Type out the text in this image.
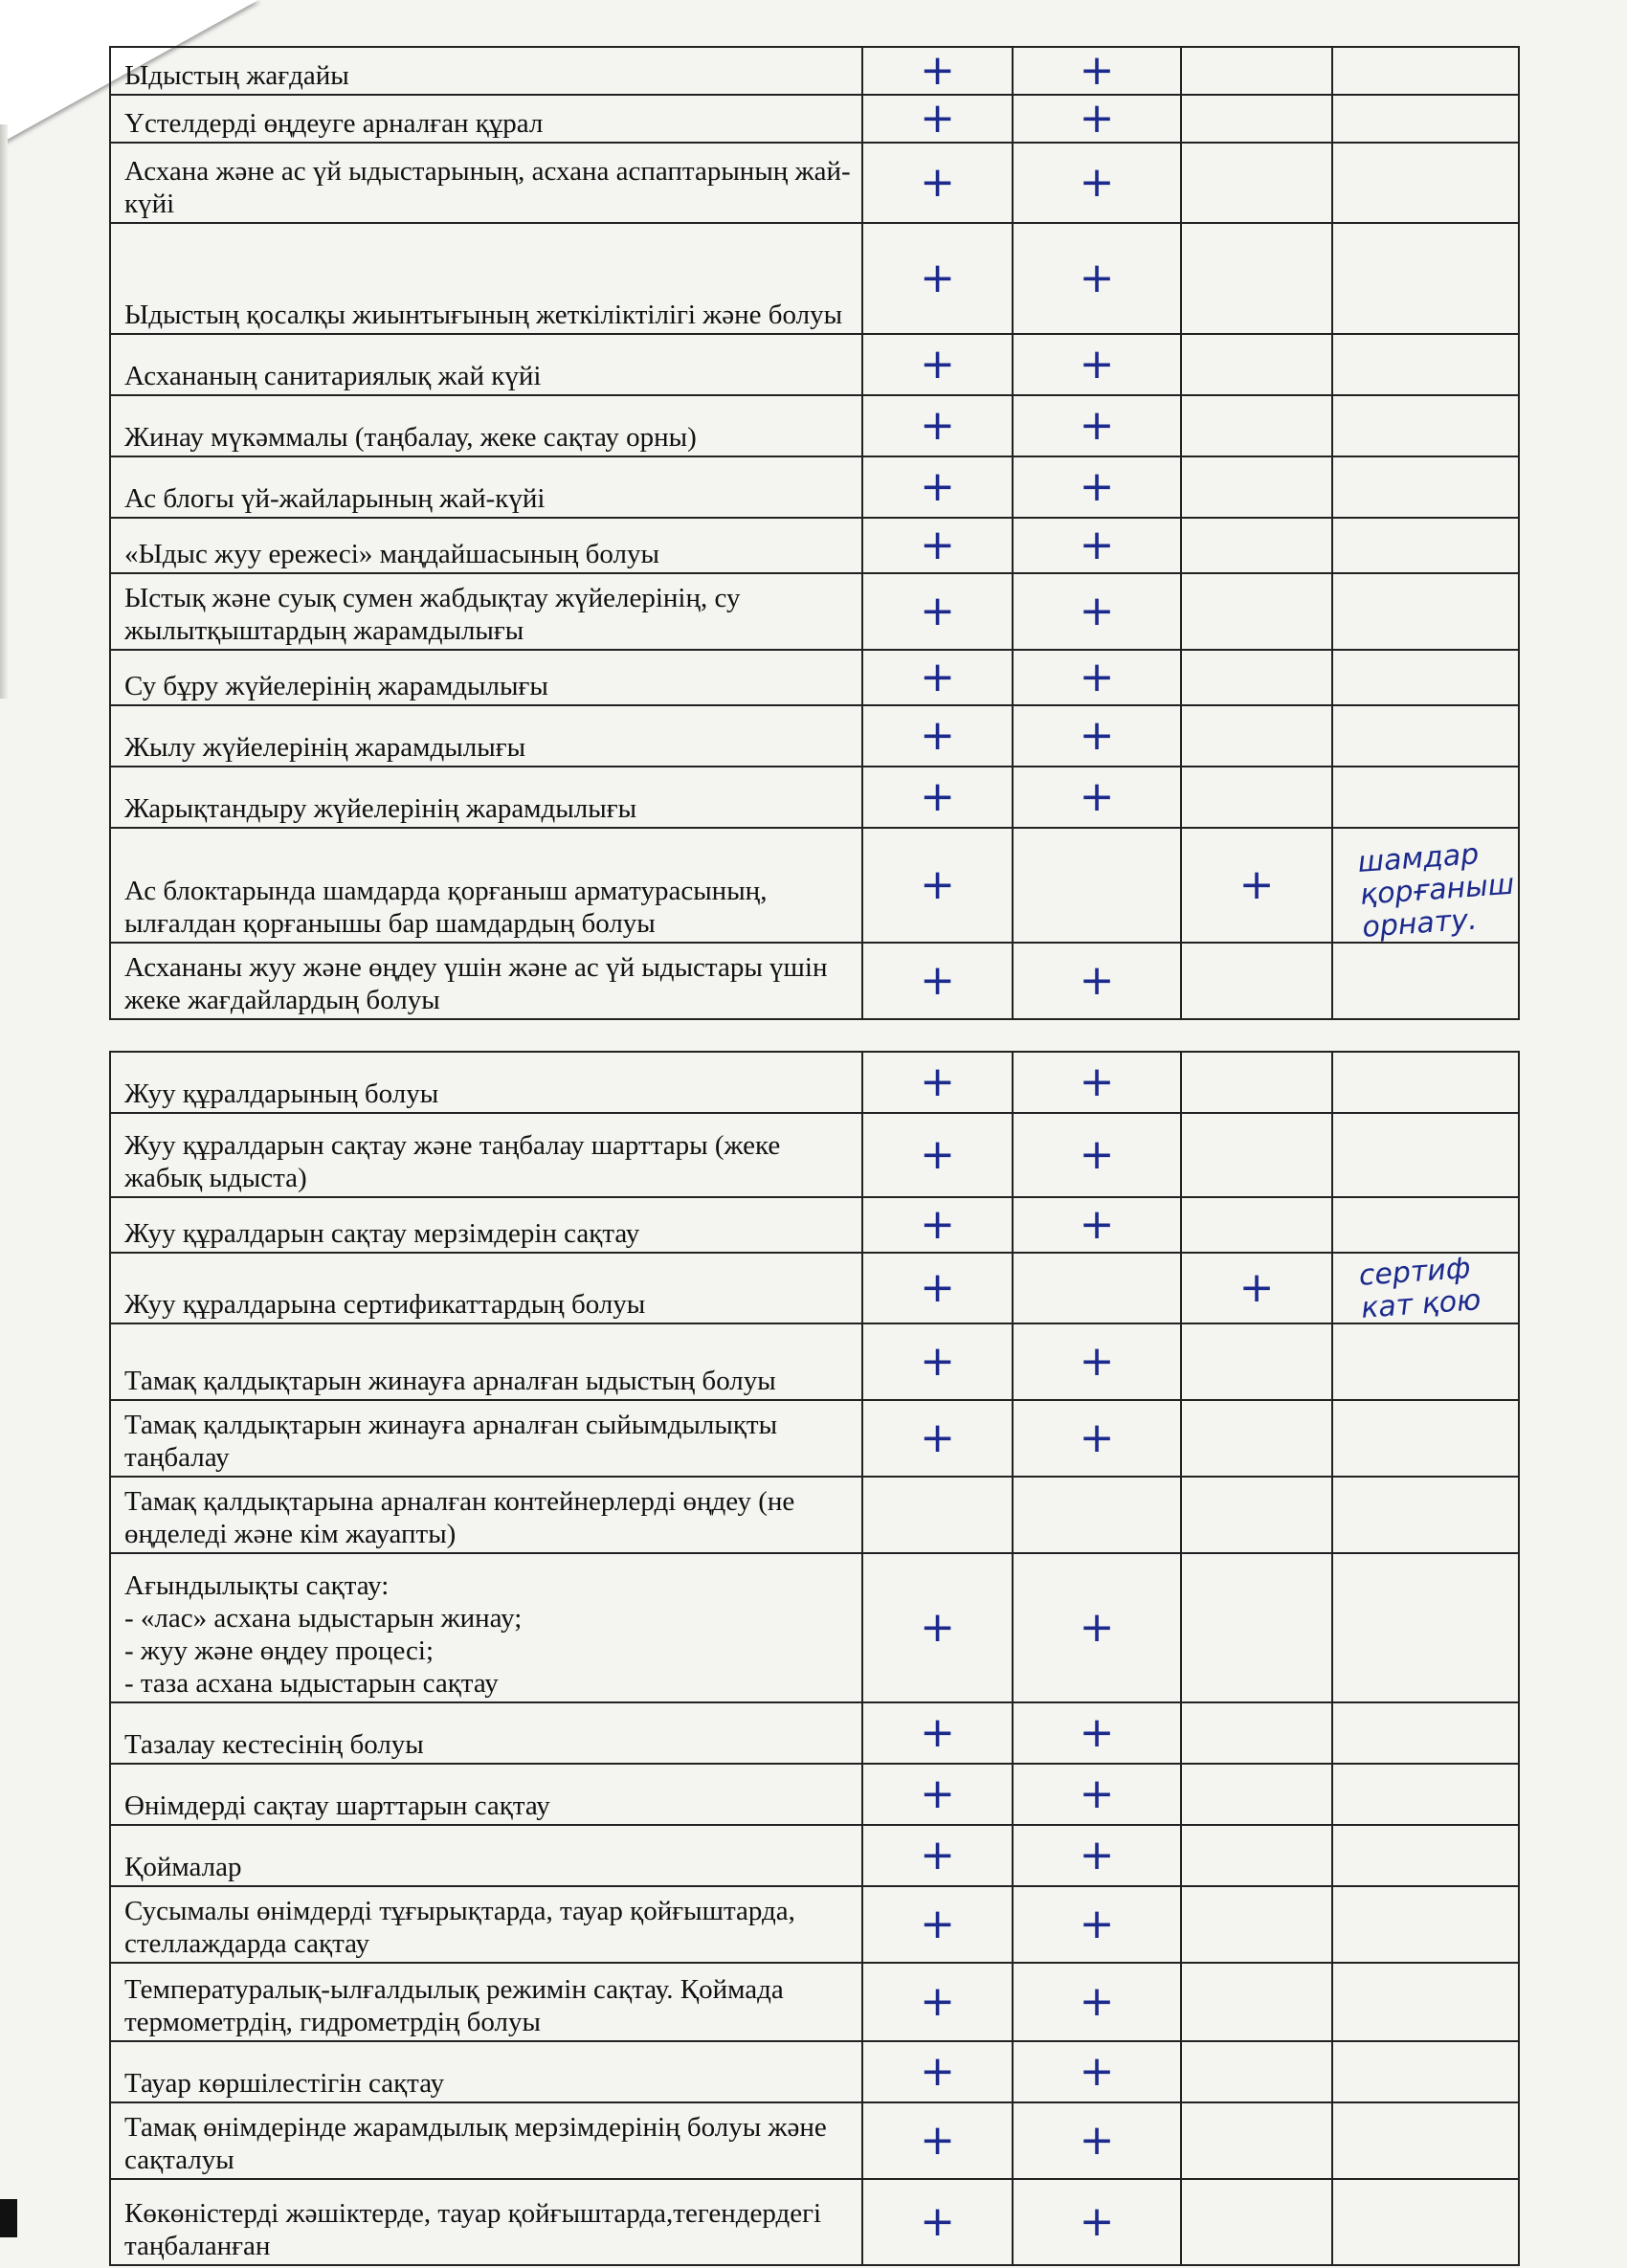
Ыдыстың жағдайы	+	+		

Үстелдерді өңдеуге арналған құрал	+	+		

Асхана және ас үй ыдыстарының, асхана аспаптарының жай-күйі	+	+		

Ыдыстың қосалқы жиынтығының жеткіліктілігі және болуы	+	+		

Асхананың санитариялық жай күйі	+	+		

Жинау мүкәммалы (таңбалау, жеке сақтау орны)	+	+		

Ас блогы үй-жайларының жай-күйі	+	+		

«Ыдыс жуу ережесі» маңдайшасының болуы	+	+		

Ыстық және суық сумен жабдықтау жүйелерінің, су жылытқыштардың жарамдылығы	+	+		

Су бұру жүйелерінің жарамдылығы	+	+		

Жылу жүйелерінің жарамдылығы	+	+		

Жарықтандыру жүйелерінің жарамдылығы	+	+		

Ас блоктарында шамдарда қорғаныш арматурасының, ылғалдан қорғанышы бар шамдардың болуы	+		+	шамдар
қорғаныш
орнату.

Асхананы жуу және өңдеу үшін және ас үй ыдыстары үшін жеке жағдайлардың болуы	+	+		
Жуу құралдарының болуы	+	+		

Жуу құралдарын сақтау және таңбалау шарттары (жеке жабық ыдыста)	+	+		

Жуу құралдарын сақтау мерзімдерін сақтау	+	+		

Жуу құралдарына сертификаттардың болуы	+		+	сертиф
кат қою

Тамақ қалдықтарын жинауға арналған ыдыстың болуы	+	+		

Тамақ қалдықтарын жинауға арналған сыйымдылықты таңбалау	+	+		

Тамақ қалдықтарына арналған контейнерлерді өңдеу (не өңделеді және кім жауапты)				

Ағындылықты сақтау:
- «лас» асхана ыдыстарын жинау;
- жуу және өңдеу процесі;
- таза асхана ыдыстарын сақтау	+	+		

Тазалау кестесінің болуы	+	+		

Өнімдерді сақтау шарттарын сақтау	+	+		

Қоймалар	+	+		

Сусымалы өнімдерді тұғырықтарда, тауар қойғыштарда, стеллаждарда сақтау	+	+		

Температуралық-ылғалдылық режимін сақтау. Қоймада термометрдің, гидрометрдің болуы	+	+		

Тауар көршілестігін сақтау	+	+		

Тамақ өнімдерінде жарамдылық мерзімдерінің болуы және сақталуы	+	+		

Көкөністерді жәшіктерде, тауар қойғыштарда,тегендердегі таңбаланған	+	+		
